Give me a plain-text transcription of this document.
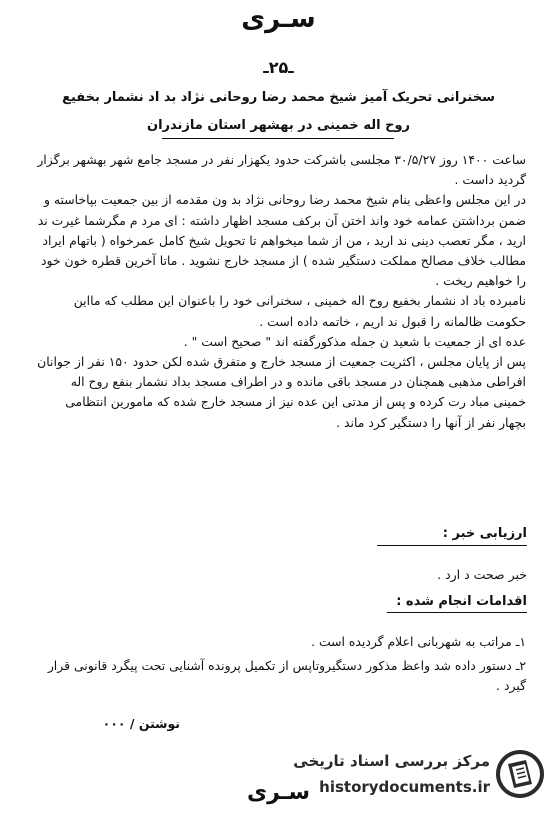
سـری
ـ۲۵ـ
سخنرانی تحریک آمیز شیخ محمد رضا روحانی نژاد بد اد نشمار بخفیع
روح اله خمینی در بهشهر استان مازندران

ساعت ۱۴۰۰ روز ۳۰/۵/۲۷ مجلسی باشرکت حدود یکهزار نفر در مسجد جامع شهر بهشهر برگزار گردید داست .

در این مجلس واعظی بنام شیخ محمد رضا روحانی نژاد بد ون مقدمه از بین جمعیت بپاخاسته و ضمن برداشتن عمامه خود واند اختن آن برکف مسجد اظهار داشته : ای مرد م مگرشما غیرت ند ارید ، مگر تعصب دینی ند ارید ، من از شما میخواهم تا تحویل شیخ کامل عمرخواه ( باتهام ایراد مطالب خلاف مصالح مملکت دستگیر شده ) از مسجد خارج نشوید . ماتا آخرین قطره خون خود را خواهیم ریخت .

نامبرده باد اد نشمار بخفیع روح اله خمینی ، سخنرانی خود را باعنوان این مطلب که مااین حکومت ظالمانه را قبول ند اریم ، خاتمه داده است .

عده ای از جمعیت با شعید ن جمله مذکورگفته اند " صحیح است " .

پس از پایان مجلس ، اکثریت جمعیت از مسجد خارج و متفرق شده لکن حدود ۱۵۰ نفر از جوانان افراطی مذهبی همچنان در مسجد باقی مانده و در اطراف مسجد بداد نشمار بنفع روح اله خمینی مباد رت کرده و پس از مدتی این عده نیز از مسجد خارج شده که مامورین انتظامی بچهار نفر از آنها را دستگیر کرد ماند .

ارزیابی خبر :
خبر صحت د ارد .
اقدامات انجام شده :
۱ـ مراتب به شهربانی اعلام گردیده است .
۲ـ دستور داده شد واعظ مذکور دستگیروتاپس از تکمیل پرونده آشنایی تحت پیگرد قانونی قرار گیرد .
نوشتن / ۰۰۰
سـری
مرکز بررسی اسناد تاریخی
historydocuments.ir
